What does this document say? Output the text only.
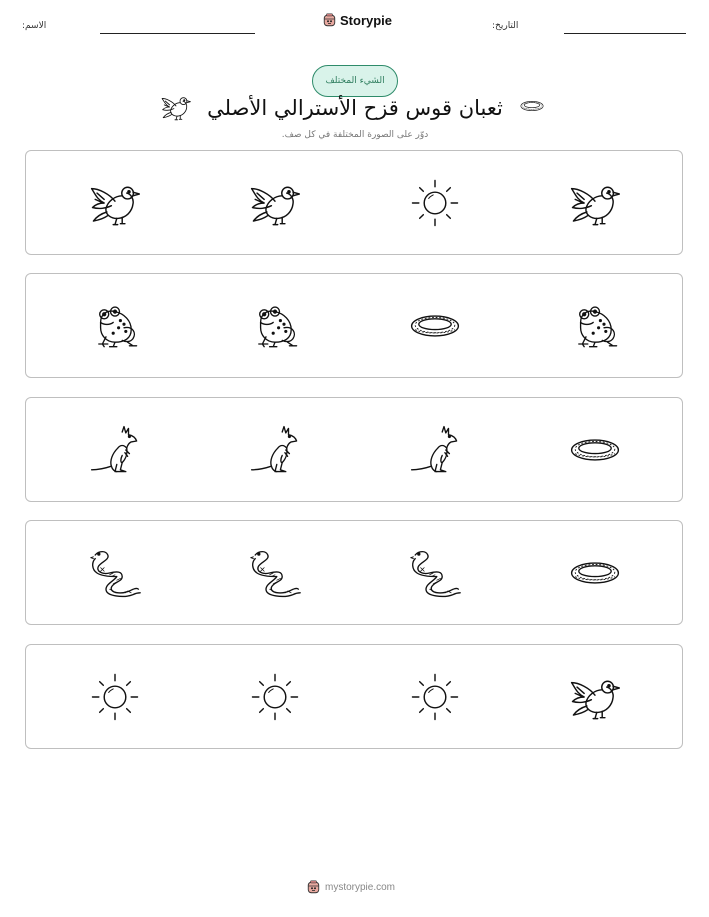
الاسم:	Storypie	التاريخ:
الشيء المختلف
ثعبان قوس قزح الأسترالي الأصلي
دوّر على الصورة المختلفة في كل صف.
mystorypie.com
